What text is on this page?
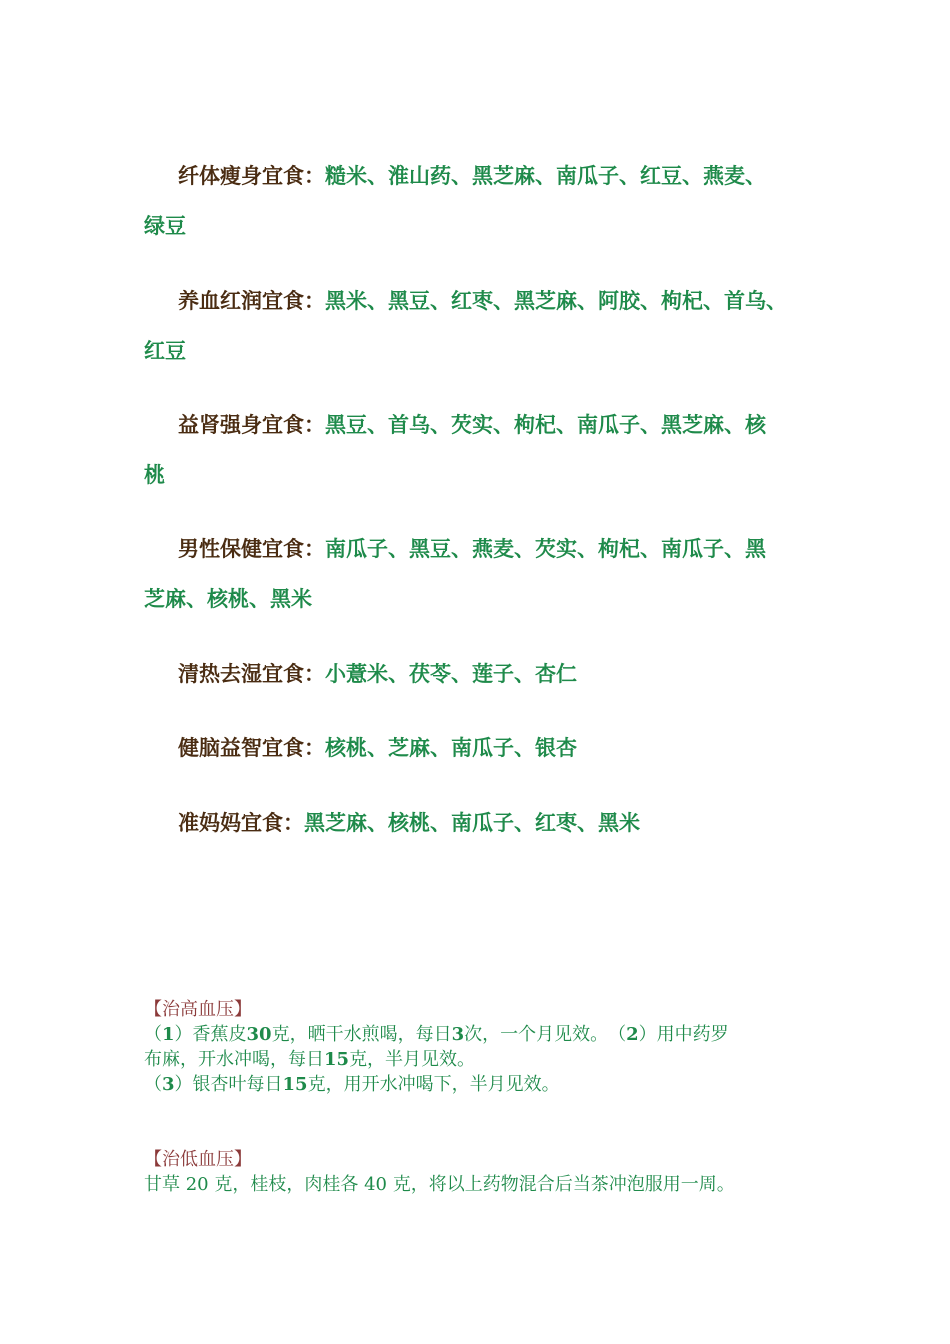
纤体瘦身宜食：糙米、淮山药、黑芝麻、南瓜子、红豆、燕麦、
绿豆
养血红润宜食：黑米、黑豆、红枣、黑芝麻、阿胶、枸杞、首乌、
红豆
益肾强身宜食：黑豆、首乌、芡实、枸杞、南瓜子、黑芝麻、核
桃
男性保健宜食：南瓜子、黑豆、燕麦、芡实、枸杞、南瓜子、黑
芝麻、核桃、黑米
清热去湿宜食：小薏米、茯苓、莲子、杏仁
健脑益智宜食：核桃、芝麻、南瓜子、银杏
准妈妈宜食：黑芝麻、核桃、南瓜子、红枣、黑米
【治高血压】
（1）香蕉皮30克，晒干水煎喝，每日3次，一个月见效。　（2）用中药罗
布麻，开水冲喝，每日15克，半月见效。
（3）银杏叶每日15克，用开水冲喝下，半月见效。
【治低血压】
甘草 20 克，桂枝，肉桂各 40 克，将以上药物混合后当茶冲泡服用一周。
